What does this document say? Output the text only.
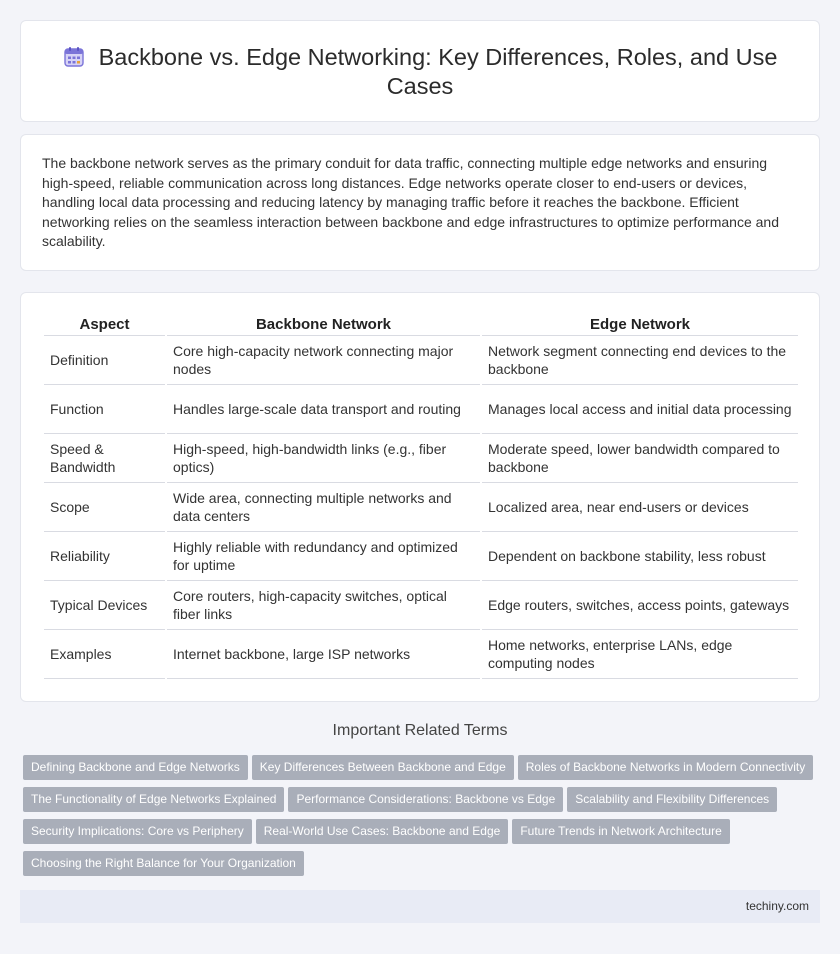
Backbone vs. Edge Networking: Key Differences, Roles, and Use Cases

The backbone network serves as the primary conduit for data traffic, connecting multiple edge networks and ensuring high-speed, reliable communication across long distances. Edge networks operate closer to end-users or devices, handling local data processing and reducing latency by managing traffic before it reaches the backbone. Efficient networking relies on the seamless interaction between backbone and edge infrastructures to optimize performance and scalability.

Aspect	Backbone Network	Edge Network
Definition	Core high-capacity network connecting major nodes	Network segment connecting end devices to the backbone
Function	Handles large-scale data transport and routing	Manages local access and initial data processing
Speed & Bandwidth	High-speed, high-bandwidth links (e.g., fiber optics)	Moderate speed, lower bandwidth compared to backbone
Scope	Wide area, connecting multiple networks and data centers	Localized area, near end-users or devices
Reliability	Highly reliable with redundancy and optimized for uptime	Dependent on backbone stability, less robust
Typical Devices	Core routers, high-capacity switches, optical fiber links	Edge routers, switches, access points, gateways
Examples	Internet backbone, large ISP networks	Home networks, enterprise LANs, edge computing nodes
Important Related Terms
Defining Backbone and Edge Networks Key Differences Between Backbone and Edge Roles of Backbone Networks in Modern Connectivity
The Functionality of Edge Networks Explained Performance Considerations: Backbone vs Edge Scalability and Flexibility Differences
Security Implications: Core vs Periphery Real-World Use Cases: Backbone and Edge Future Trends in Network Architecture
Choosing the Right Balance for Your Organization
techiny.com
